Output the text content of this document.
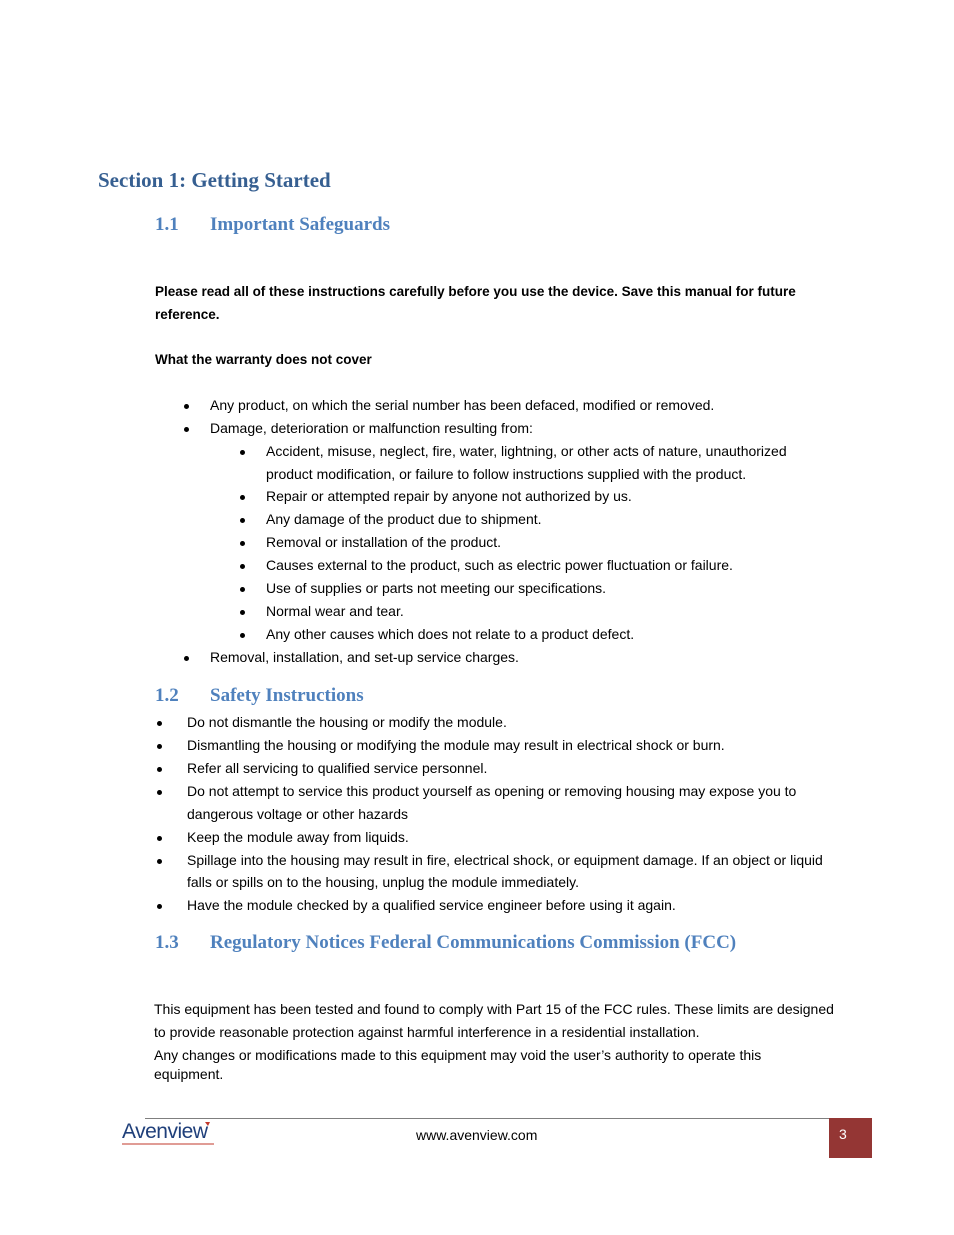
Section 1: Getting Started
1.1 Important Safeguards
Please read all of these instructions carefully before you use the device. Save this manual for future
reference.
What the warranty does not cover
Any product, on which the serial number has been defaced, modified or removed.
Damage, deterioration or malfunction resulting from:
Accident, misuse, neglect, fire, water, lightning, or other acts of nature, unauthorized
product modification, or failure to follow instructions supplied with the product.
Repair or attempted repair by anyone not authorized by us.
Any damage of the product due to shipment.
Removal or installation of the product.
Causes external to the product, such as electric power fluctuation or failure.
Use of supplies or parts not meeting our specifications.
Normal wear and tear.
Any other causes which does not relate to a product defect.
Removal, installation, and set-up service charges.
1.2 Safety Instructions
Do not dismantle the housing or modify the module.
Dismantling the housing or modifying the module may result in electrical shock or burn.
Refer all servicing to qualified service personnel.
Do not attempt to service this product yourself as opening or removing housing may expose you to
dangerous voltage or other hazards
Keep the module away from liquids.
Spillage into the housing may result in fire, electrical shock, or equipment damage. If an object or liquid
falls or spills on to the housing, unplug the module immediately.
Have the module checked by a qualified service engineer before using it again.
1.3 Regulatory Notices Federal Communications Commission (FCC)
This equipment has been tested and found to comply with Part 15 of the FCC rules. These limits are designed
to provide reasonable protection against harmful interference in a residential installation.
Any changes or modifications made to this equipment may void the user’s authority to operate this
equipment.
Avenview	www.avenview.com	3
